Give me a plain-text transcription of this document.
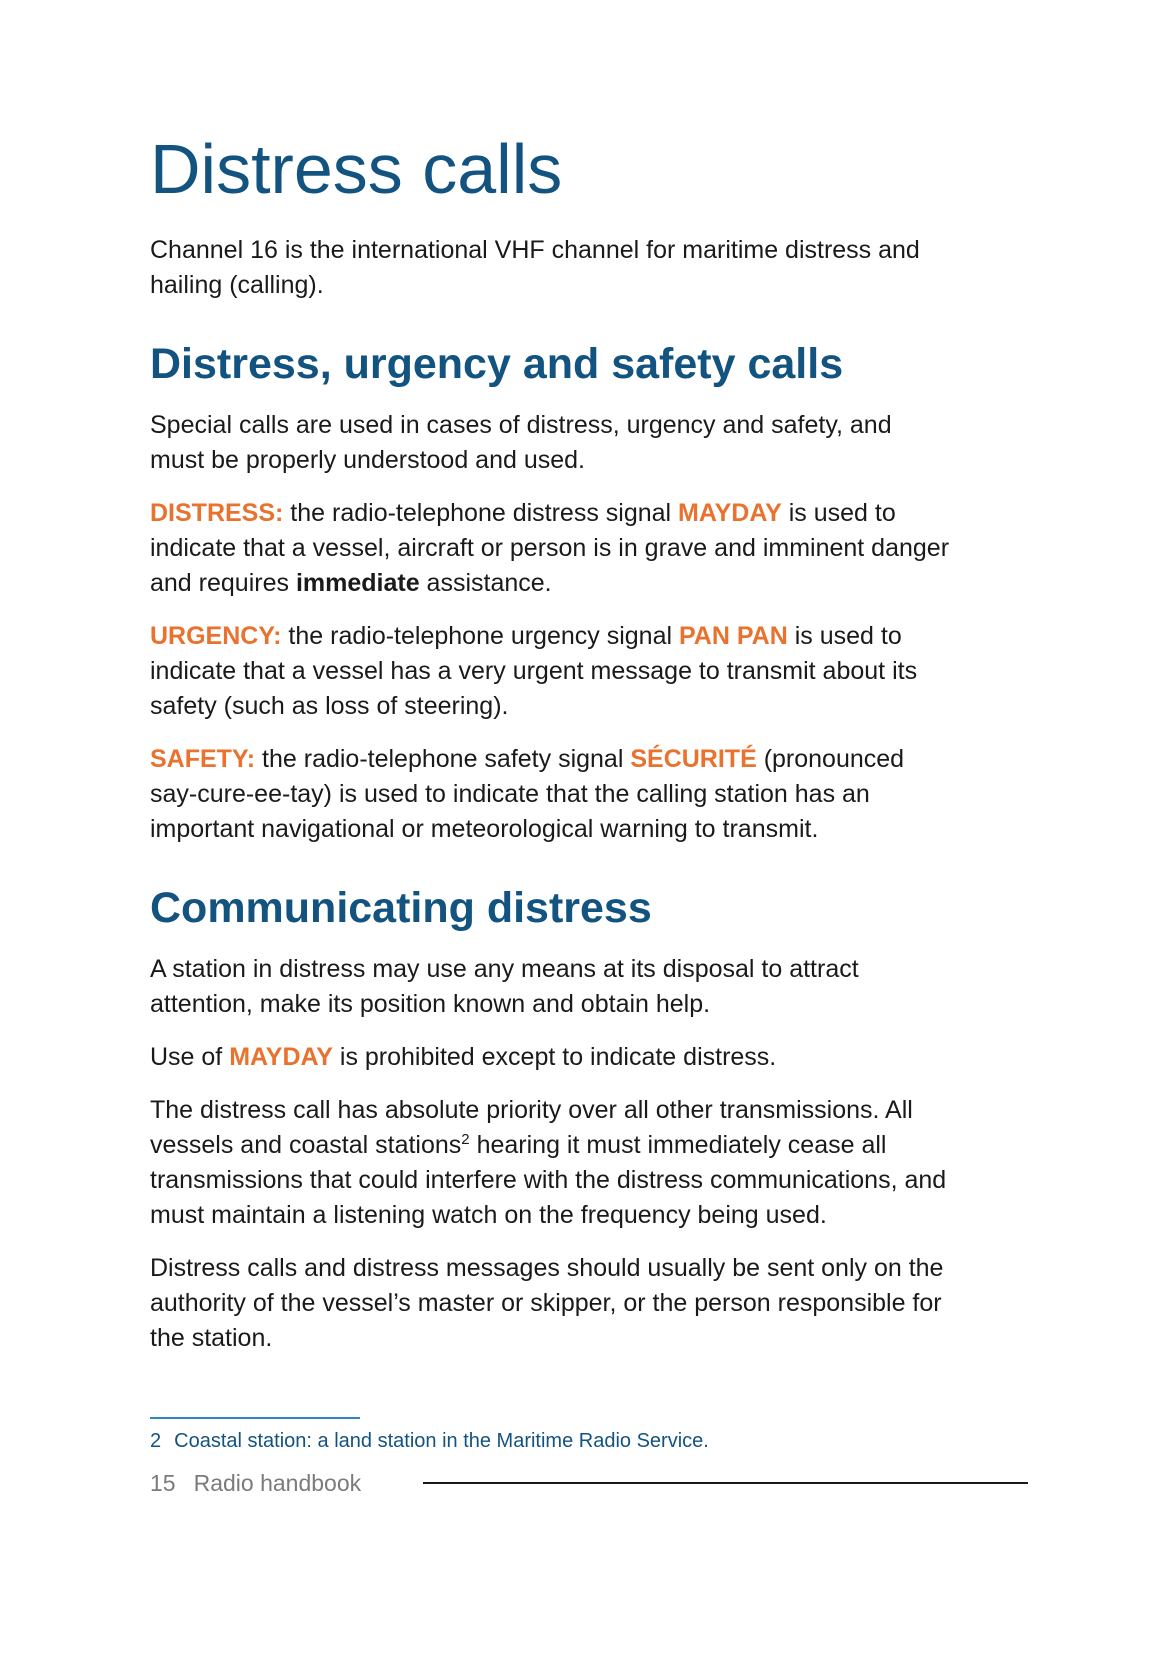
Distress calls

Channel 16 is the international VHF channel for maritime distress and hailing (calling).

Distress, urgency and safety calls

Special calls are used in cases of distress, urgency and safety, and must be properly understood and used.

DISTRESS: the radio-telephone distress signal MAYDAY is used to indicate that a vessel, aircraft or person is in grave and imminent danger and requires immediate assistance.

URGENCY: the radio-telephone urgency signal PAN PAN is used to indicate that a vessel has a very urgent message to transmit about its safety (such as loss of steering).

SAFETY: the radio-telephone safety signal SÉCURITÉ (pronounced say-cure-ee-tay) is used to indicate that the calling station has an important navigational or meteorological warning to transmit.

Communicating distress

A station in distress may use any means at its disposal to attract attention, make its position known and obtain help.

Use of MAYDAY is prohibited except to indicate distress.

The distress call has absolute priority over all other transmissions. All vessels and coastal stations$^2$ hearing it must immediately cease all transmissions that could interfere with the distress communications, and must maintain a listening watch on the frequency being used.

Distress calls and distress messages should usually be sent only on the authority of the vessel’s master or skipper, or the person responsible for the station.

2 Coastal station: a land station in the Maritime Radio Service.
15 Radio handbook
